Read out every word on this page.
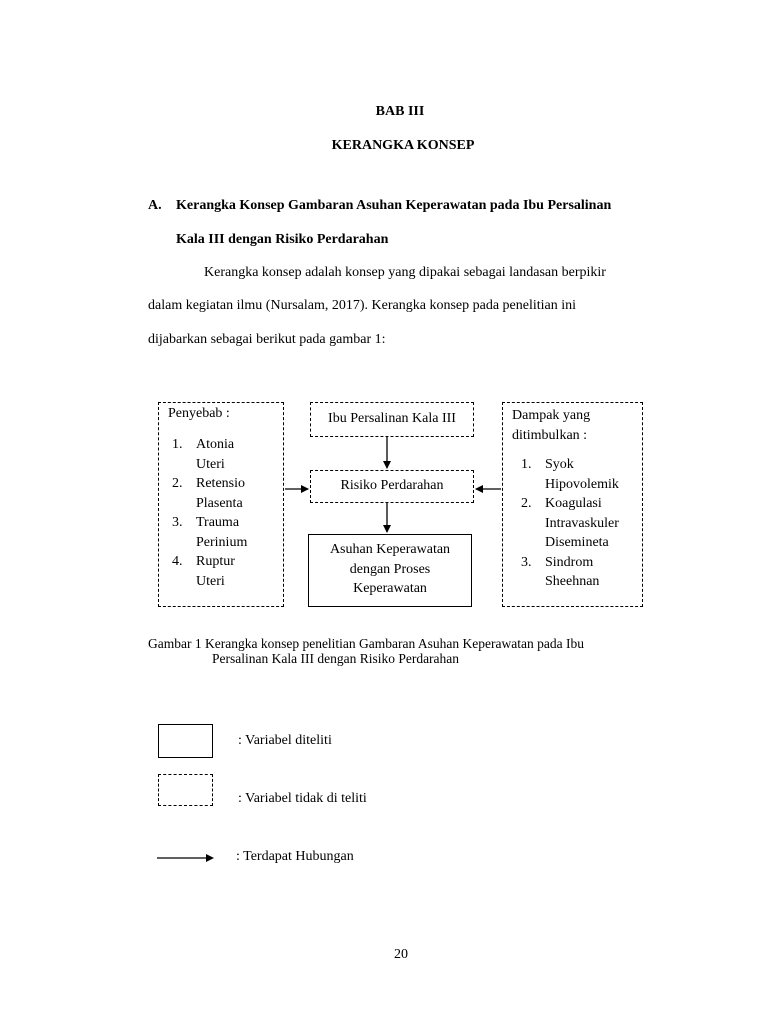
BAB III
KERANGKA KONSEP
A. Kerangka Konsep Gambaran Asuhan Keperawatan pada Ibu Persalinan
Kala III dengan Risiko Perdarahan
Kerangka konsep adalah konsep yang dipakai sebagai landasan berpikir
dalam kegiatan ilmu (Nursalam, 2017). Kerangka konsep pada penelitian ini
dijabarkan sebagai berikut pada gambar 1:
Penyebab :
1. Atonia
Uteri
2. Retensio
Plasenta
3. Trauma
Perinium
4. Ruptur
Uteri
Ibu Persalinan Kala III
Risiko Perdarahan
Asuhan Keperawatan
dengan Proses
Keperawatan
Dampak yang
ditimbulkan :
1. Syok
Hipovolemik
2. Koagulasi
Intravaskuler
Disemineta
3. Sindrom
Sheehnan
Gambar 1 Kerangka konsep penelitian Gambaran Asuhan Keperawatan pada Ibu
Persalinan Kala III dengan Risiko Perdarahan
: Variabel diteliti
: Variabel tidak di teliti
: Terdapat Hubungan
20
